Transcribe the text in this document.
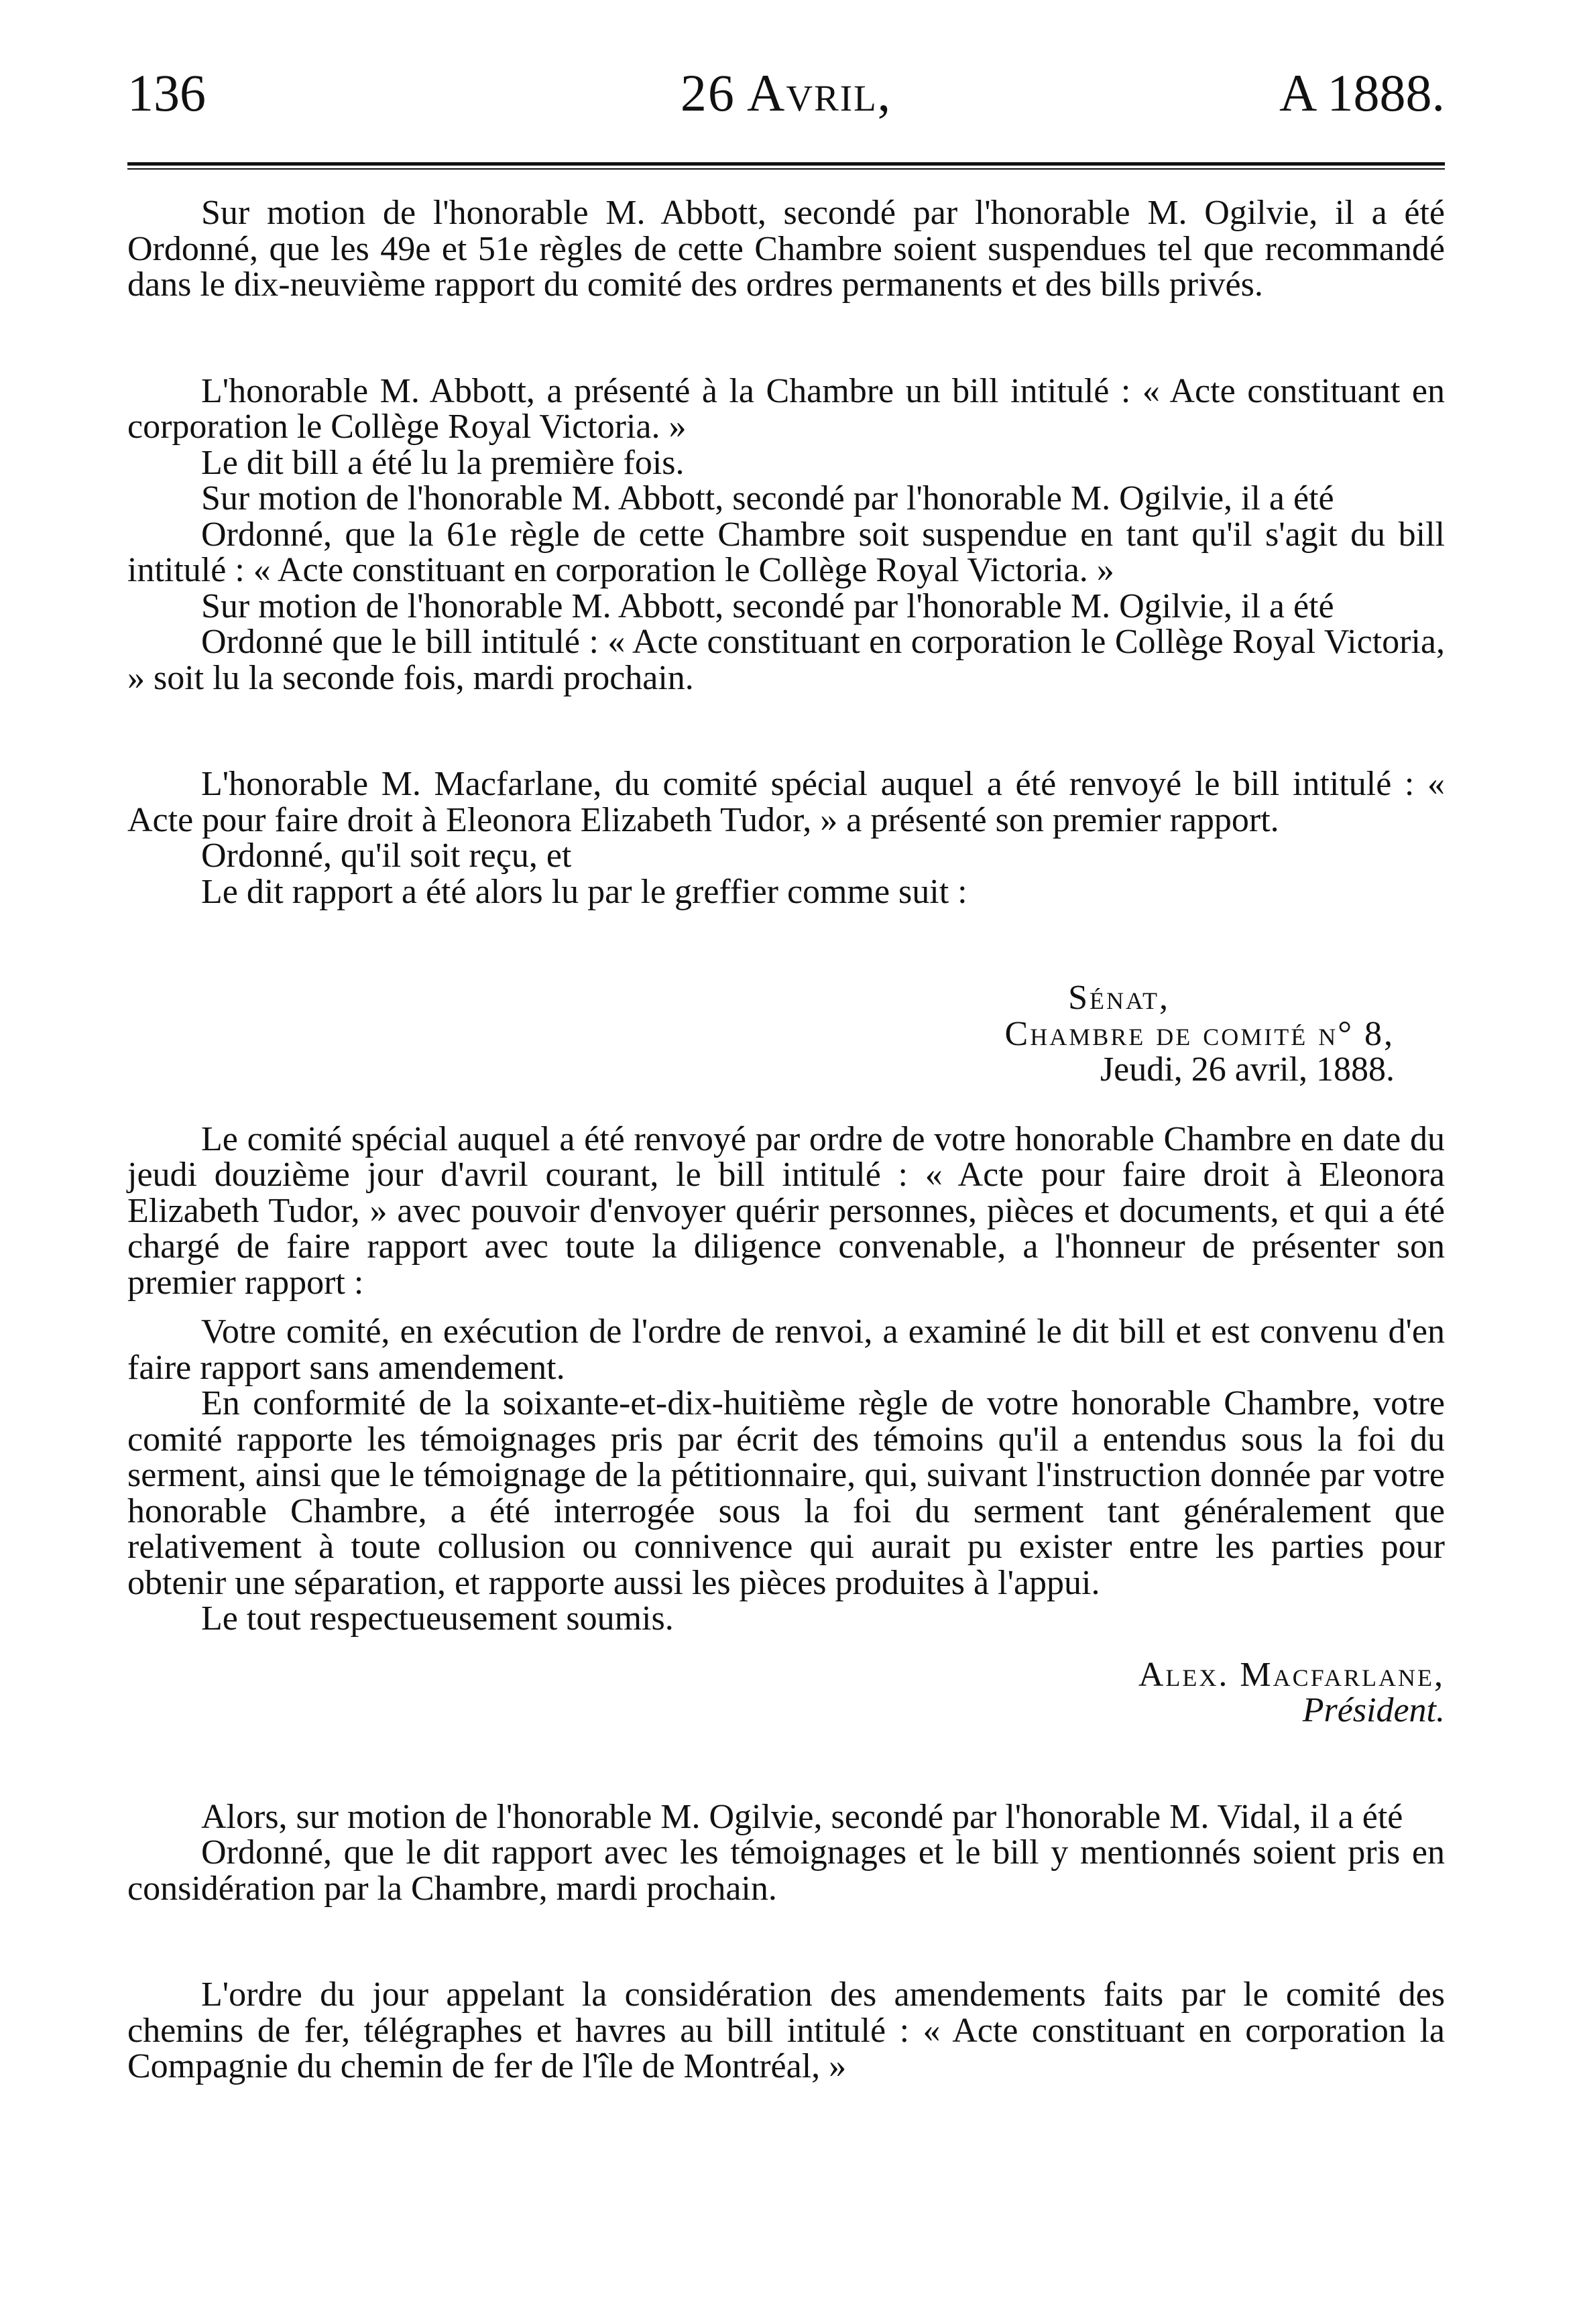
136	26 Avril,	A 1888.

Sur motion de l'honorable M. Abbott, secondé par l'honorable M. Ogilvie, il a été Ordonné, que les 49e et 51e règles de cette Chambre soient suspendues tel que recommandé dans le dix-neuvième rapport du comité des ordres permanents et des bills privés.

L'honorable M. Abbott, a présenté à la Chambre un bill intitulé : « Acte constituant en corporation le Collège Royal Victoria. »

Le dit bill a été lu la première fois.

Sur motion de l'honorable M. Abbott, secondé par l'honorable M. Ogilvie, il a été

Ordonné, que la 61e règle de cette Chambre soit suspendue en tant qu'il s'agit du bill intitulé : « Acte constituant en corporation le Collège Royal Victoria. »

Sur motion de l'honorable M. Abbott, secondé par l'honorable M. Ogilvie, il a été

Ordonné que le bill intitulé : « Acte constituant en corporation le Collège Royal Victoria, » soit lu la seconde fois, mardi prochain.

L'honorable M. Macfarlane, du comité spécial auquel a été renvoyé le bill intitulé : « Acte pour faire droit à Eleonora Elizabeth Tudor, » a présenté son premier rapport.

Ordonné, qu'il soit reçu, et

Le dit rapport a été alors lu par le greffier comme suit :

Sénat,

Chambre de comité n° 8,

Jeudi, 26 avril, 1888.

Le comité spécial auquel a été renvoyé par ordre de votre honorable Chambre en date du jeudi douzième jour d'avril courant, le bill intitulé : « Acte pour faire droit à Eleonora Elizabeth Tudor, » avec pouvoir d'envoyer quérir personnes, pièces et documents, et qui a été chargé de faire rapport avec toute la diligence convenable, a l'honneur de présenter son premier rapport :

Votre comité, en exécution de l'ordre de renvoi, a examiné le dit bill et est convenu d'en faire rapport sans amendement.

En conformité de la soixante-et-dix-huitième règle de votre honorable Chambre, votre comité rapporte les témoignages pris par écrit des témoins qu'il a entendus sous la foi du serment, ainsi que le témoignage de la pétitionnaire, qui, suivant l'instruction donnée par votre honorable Chambre, a été interrogée sous la foi du serment tant généralement que relativement à toute collusion ou connivence qui aurait pu exister entre les parties pour obtenir une séparation, et rapporte aussi les pièces produites à l'appui.

Le tout respectueusement soumis.

Alex. Macfarlane,

Président.

Alors, sur motion de l'honorable M. Ogilvie, secondé par l'honorable M. Vidal, il a été

Ordonné, que le dit rapport avec les témoignages et le bill y mentionnés soient pris en considération par la Chambre, mardi prochain.

L'ordre du jour appelant la considération des amendements faits par le comité des chemins de fer, télégraphes et havres au bill intitulé : « Acte constituant en corporation la Compagnie du chemin de fer de l'île de Montréal, »
